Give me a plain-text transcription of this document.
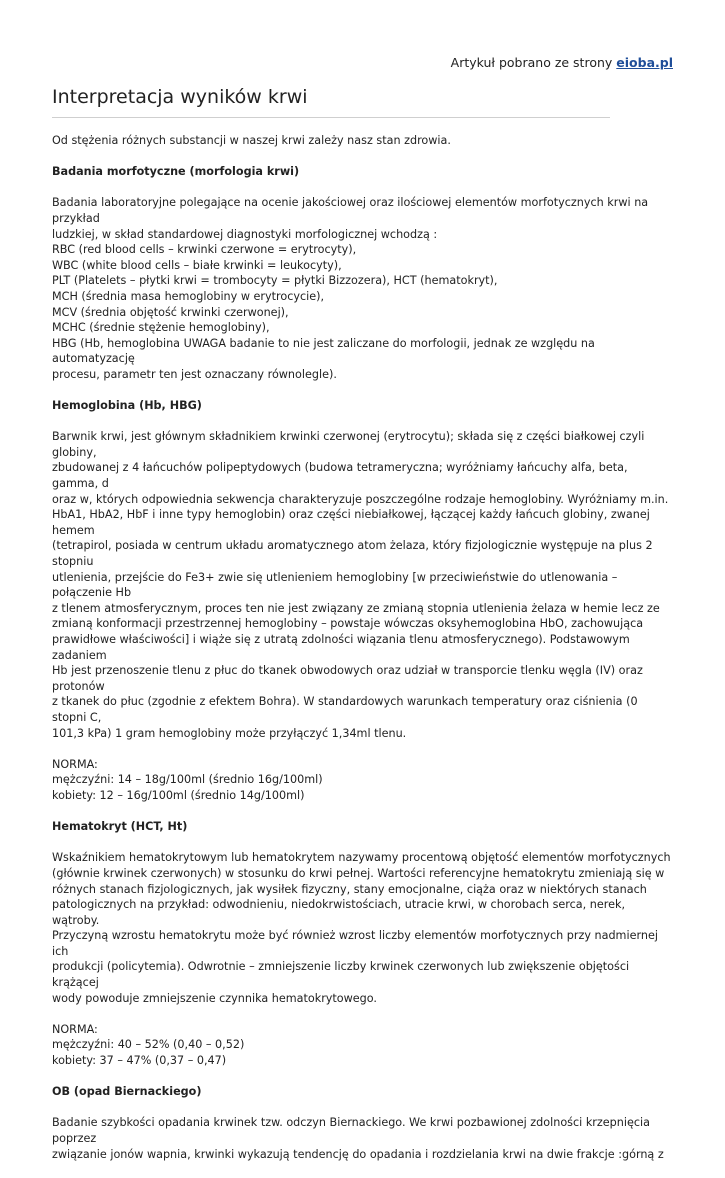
Artykuł pobrano ze strony eioba.pl
Interpretacja wyników krwi

Od stężenia różnych substancji w naszej krwi zależy nasz stan zdrowia.

Badania morfotyczne (morfologia krwi)

Badania laboratoryjne polegające na ocenie jakościowej oraz ilościowej elementów morfotycznych krwi na przykład
ludzkiej, w skład standardowej diagnostyki morfologicznej wchodzą :
RBC (red blood cells – krwinki czerwone = erytrocyty),
WBC (white blood cells – białe krwinki = leukocyty),
PLT (Platelets – płytki krwi = trombocyty = płytki Bizzozera), HCT (hematokryt),
MCH (średnia masa hemoglobiny w erytrocycie),
MCV (średnia objętość krwinki czerwonej),
MCHC (średnie stężenie hemoglobiny),
HBG (Hb, hemoglobina UWAGA badanie to nie jest zaliczane do morfologii, jednak ze względu na automatyzację
procesu, parametr ten jest oznaczany równolegle).

Hemoglobina (Hb, HBG)

Barwnik krwi, jest głównym składnikiem krwinki czerwonej (erytrocytu); składa się z części białkowej czyli globiny,
zbudowanej z 4 łańcuchów polipeptydowych (budowa tetrameryczna; wyróżniamy łańcuchy alfa, beta, gamma, d
oraz w, których odpowiednia sekwencja charakteryzuje poszczególne rodzaje hemoglobiny. Wyróżniamy m.in.
HbA1, HbA2, HbF i inne typy hemoglobin) oraz części niebiałkowej, łączącej każdy łańcuch globiny, zwanej hemem
(tetrapirol, posiada w centrum układu aromatycznego atom żelaza, który fizjologicznie występuje na plus 2 stopniu
utlenienia, przejście do Fe3+ zwie się utlenieniem hemoglobiny [w przeciwieństwie do utlenowania – połączenie Hb
z tlenem atmosferycznym, proces ten nie jest związany ze zmianą stopnia utlenienia żelaza w hemie lecz ze
zmianą konformacji przestrzennej hemoglobiny – powstaje wówczas oksyhemoglobina HbO, zachowująca
prawidłowe właściwości] i wiąże się z utratą zdolności wiązania tlenu atmosferycznego). Podstawowym zadaniem
Hb jest przenoszenie tlenu z płuc do tkanek obwodowych oraz udział w transporcie tlenku węgla (IV) oraz protonów
z tkanek do płuc (zgodnie z efektem Bohra). W standardowych warunkach temperatury oraz ciśnienia (0 stopni C,
101,3 kPa) 1 gram hemoglobiny może przyłączyć 1,34ml tlenu.

NORMA:
mężczyźni: 14 – 18g/100ml (średnio 16g/100ml)
kobiety: 12 – 16g/100ml (średnio 14g/100ml)

Hematokryt (HCT, Ht)

Wskaźnikiem hematokrytowym lub hematokrytem nazywamy procentową objętość elementów morfotycznych
(głównie krwinek czerwonych) w stosunku do krwi pełnej. Wartości referencyjne hematokrytu zmieniają się w
różnych stanach fizjologicznych, jak wysiłek fizyczny, stany emocjonalne, ciąża oraz w niektórych stanach
patologicznych na przykład: odwodnieniu, niedokrwistościach, utracie krwi, w chorobach serca, nerek, wątroby.
Przyczyną wzrostu hematokrytu może być również wzrost liczby elementów morfotycznych przy nadmiernej ich
produkcji (policytemia). Odwrotnie – zmniejszenie liczby krwinek czerwonych lub zwiększenie objętości krążącej
wody powoduje zmniejszenie czynnika hematokrytowego.

NORMA:
mężczyźni: 40 – 52% (0,40 – 0,52)
kobiety: 37 – 47% (0,37 – 0,47)

OB (opad Biernackiego)

Badanie szybkości opadania krwinek tzw. odczyn Biernackiego. We krwi pozbawionej zdolności krzepnięcia poprzez
związanie jonów wapnia, krwinki wykazują tendencję do opadania i rozdzielania krwi na dwie frakcje :górną z
